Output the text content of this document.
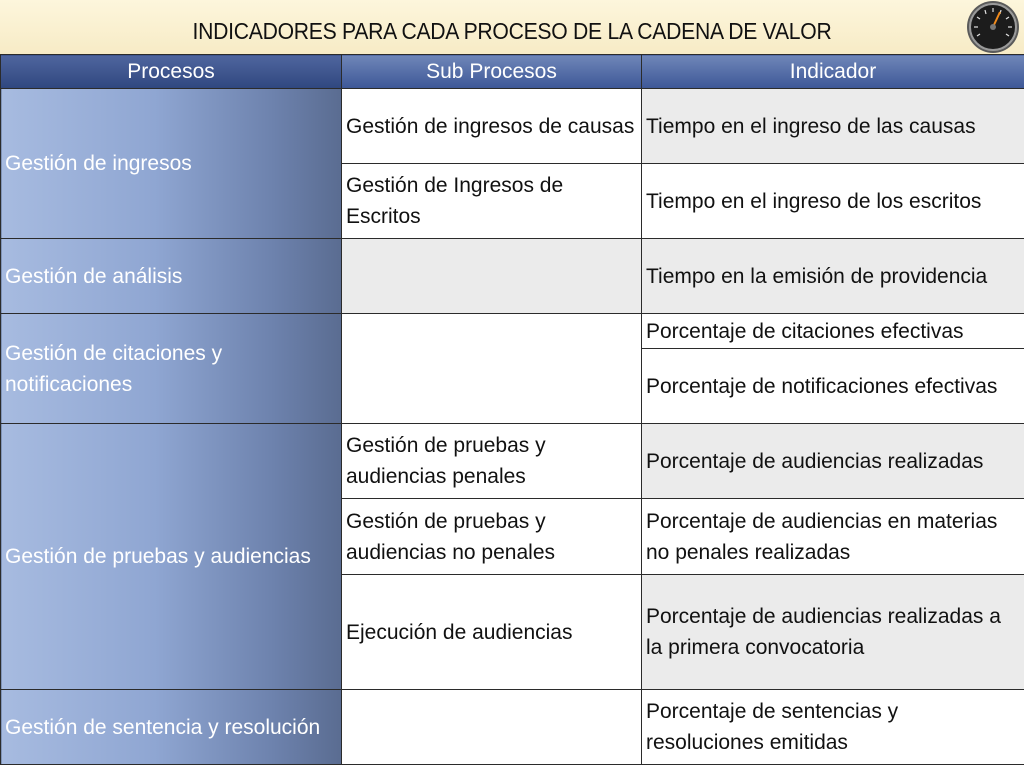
INDICADORES PARA CADA PROCESO DE LA CADENA DE VALOR
Procesos	Sub Procesos	Indicador
Gestión de ingresos	Gestión de ingresos de causas	Tiempo en el ingreso de las causas
	Gestión de Ingresos de Escritos	Tiempo en el ingreso de los escritos
Gestión de análisis		Tiempo en la emisión de providencia
Gestión de citaciones y notificaciones		Porcentaje de citaciones efectivas
		Porcentaje de notificaciones efectivas
Gestión de pruebas y audiencias	Gestión de pruebas y audiencias penales	Porcentaje de audiencias realizadas
	Gestión de pruebas y audiencias no penales	Porcentaje de audiencias en materias no penales realizadas
	Ejecución de audiencias	Porcentaje de audiencias realizadas a la primera convocatoria
Gestión de sentencia y resolución		Porcentaje de sentencias y resoluciones emitidas
